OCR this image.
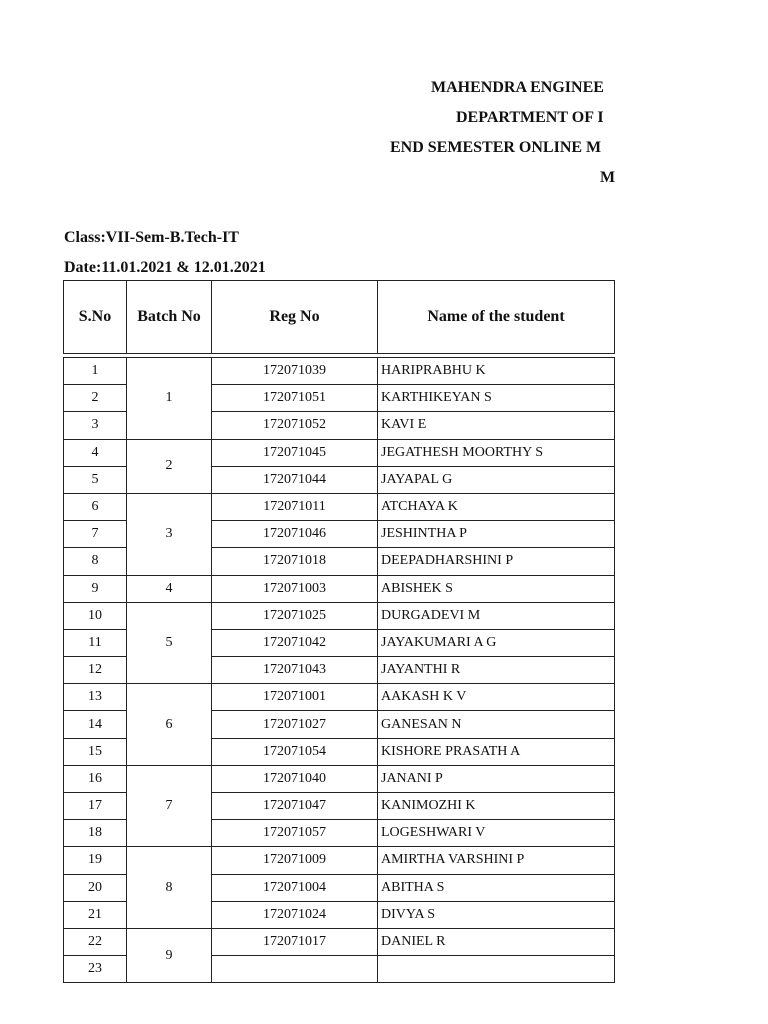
MAHENDRA ENGINEE
DEPARTMENT OF I
END SEMESTER ONLINE M
M
Class:VII-Sem-B.Tech-IT
Date:11.01.2021 & 12.01.2021
S.No	Batch No	Reg No	Name of the student

1	1	172071039	HARIPRABHU K
2		172071051	KARTHIKEYAN S
3		172071052	KAVI E
4	2	172071045	JEGATHESH MOORTHY S
5		172071044	JAYAPAL G
6	3	172071011	ATCHAYA K
7		172071046	JESHINTHA P
8		172071018	DEEPADHARSHINI P
9	4	172071003	ABISHEK S
10	5	172071025	DURGADEVI M
11		172071042	JAYAKUMARI A G
12		172071043	JAYANTHI R
13	6	172071001	AAKASH K V
14		172071027	GANESAN N
15		172071054	KISHORE PRASATH A
16	7	172071040	JANANI P
17		172071047	KANIMOZHI K
18		172071057	LOGESHWARI V
19	8	172071009	AMIRTHA VARSHINI P
20		172071004	ABITHA S
21		172071024	DIVYA S
22	9	172071017	DANIEL R
23			
